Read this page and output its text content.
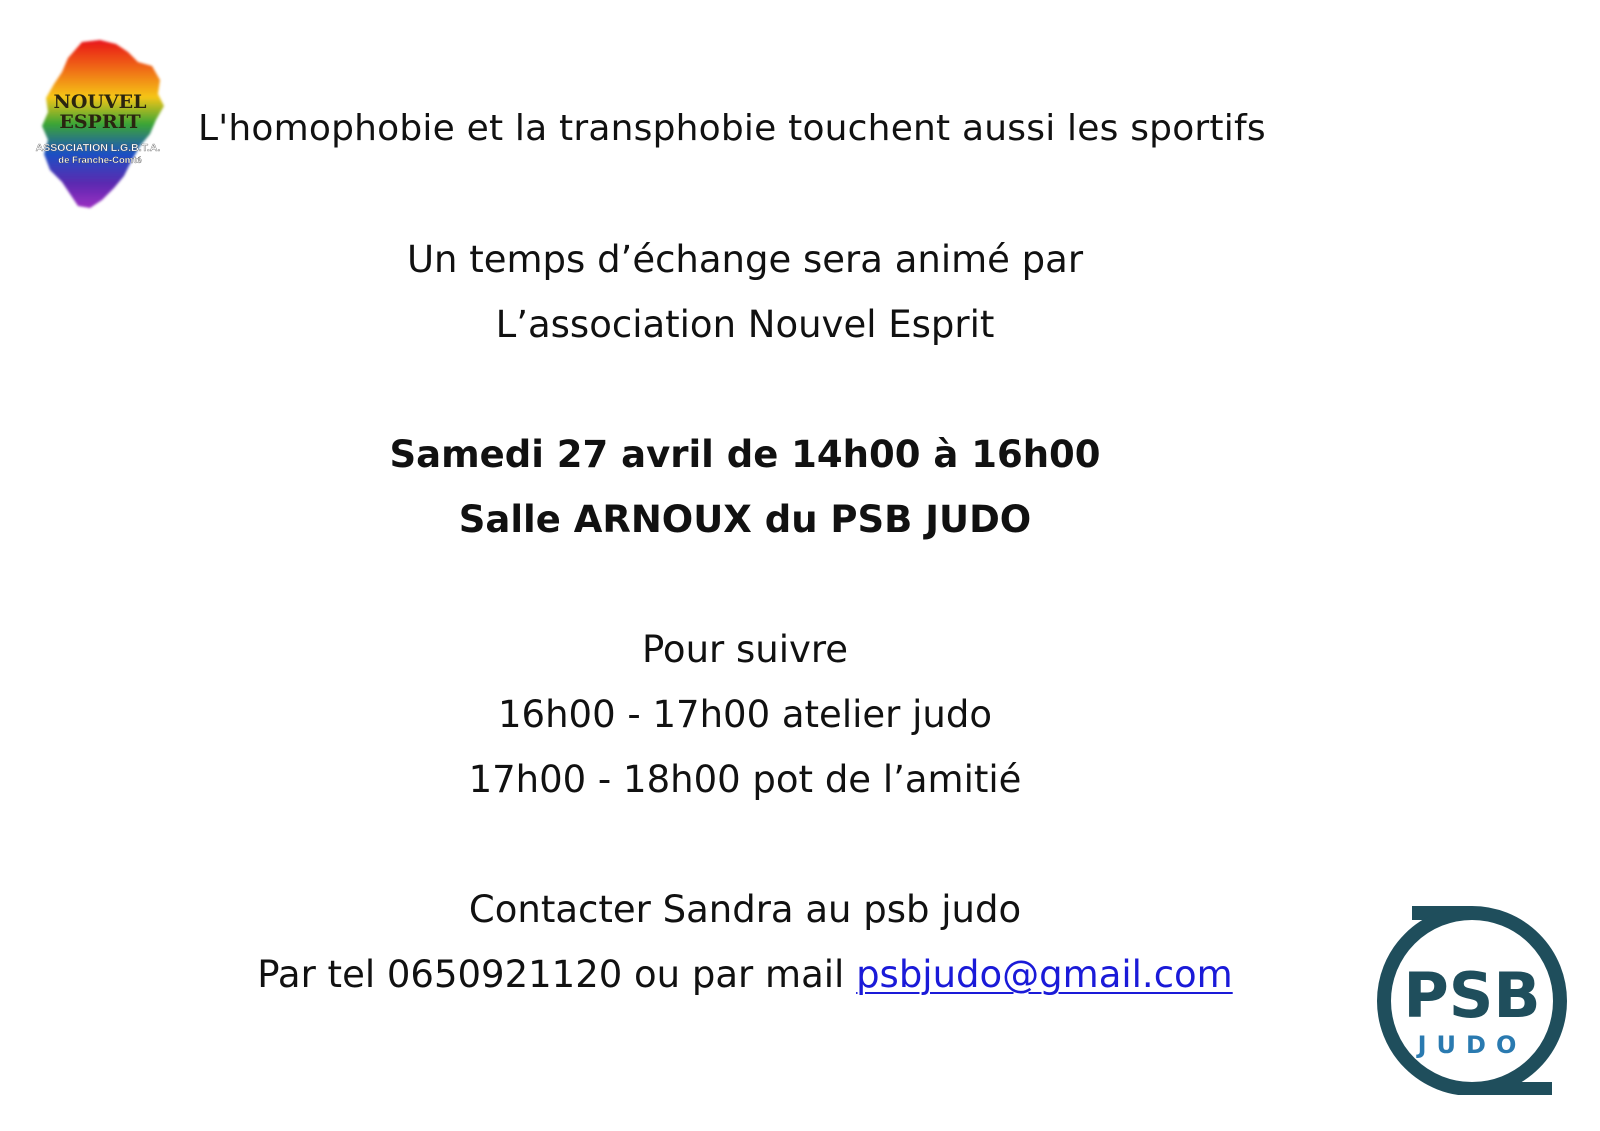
NOUVEL
ESPRIT
ASSOCIATION L.G.B.T.A.
de Franche-Comté
L'homophobie et la transphobie touchent aussi les sportifs
Un temps d’échange sera animé par
L’association Nouvel Esprit
Samedi 27 avril de 14h00 à 16h00
Salle ARNOUX du PSB JUDO
Pour suivre
16h00 - 17h00 atelier judo
17h00 - 18h00 pot de l’amitié
Contacter Sandra au psb judo
Par tel 0650921120 ou par mail psbjudo@gmail.com	PSB
JUDO
